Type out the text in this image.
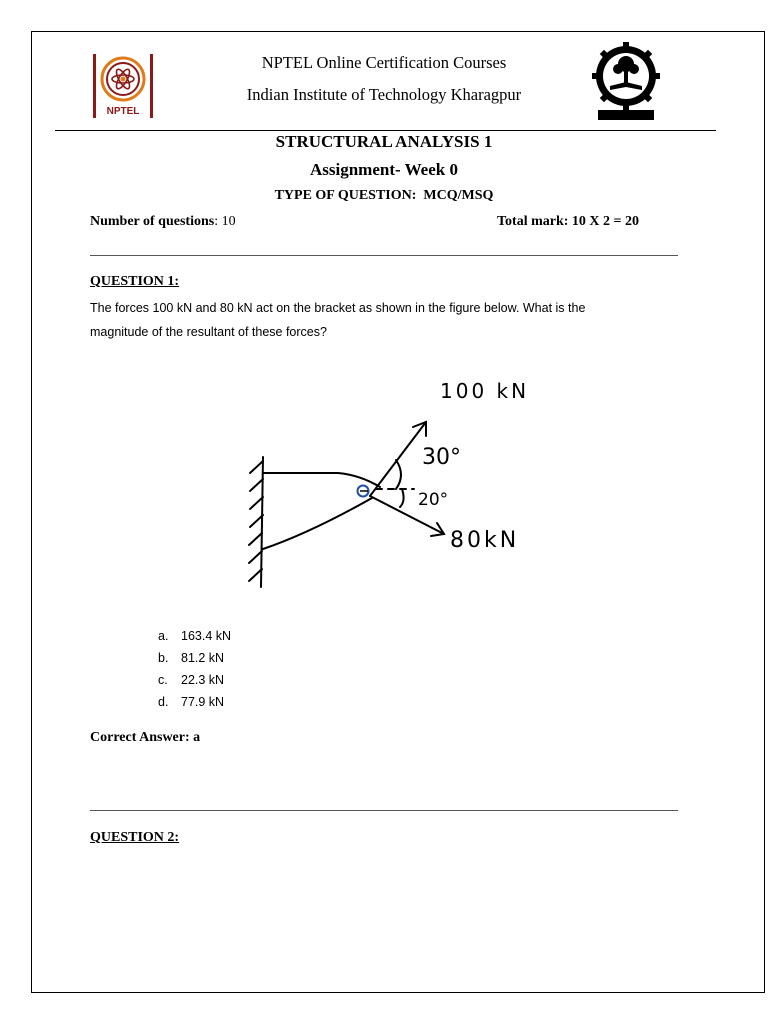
NPTEL
NPTEL Online Certification Courses
Indian Institute of Technology Kharagpur
STRUCTURAL ANALYSIS 1
Assignment- Week 0
TYPE OF QUESTION:  MCQ/MSQ
Number of questions: 10	Total mark: 10 X 2 = 20
QUESTION 1:
The forces 100 kN and 80 kN act on the bracket as shown in the figure below. What is the
magnitude of the resultant of these forces?
100 kN
30°
20°
80kN
a. 163.4 kN
b. 81.2 kN
c. 22.3 kN
d. 77.9 kN
Correct Answer: a
QUESTION 2:
